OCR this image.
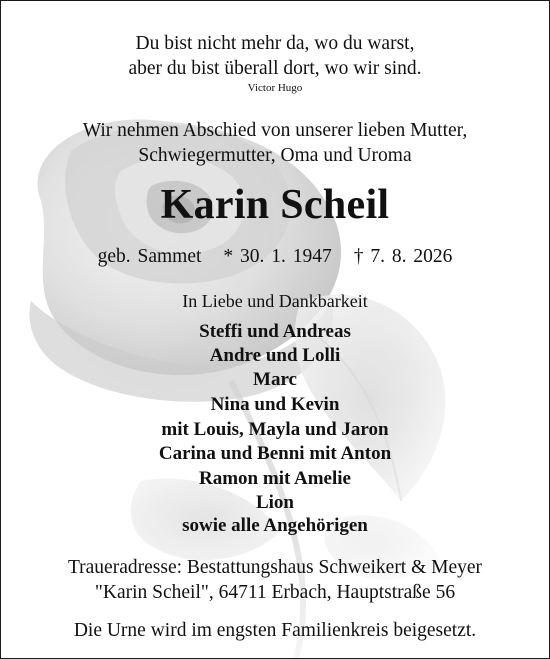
Du bist nicht mehr da, wo du warst,
aber du bist überall dort, wo wir sind.
Victor Hugo
Wir nehmen Abschied von unserer lieben Mutter,
Schwiegermutter, Oma und Uroma
Karin Scheil
geb. Sammet * 30. 1. 1947 † 7. 8. 2026
In Liebe und Dankbarkeit
Steffi und Andreas
Andre und Lolli
Marc
Nina und Kevin
mit Louis, Mayla und Jaron
Carina und Benni mit Anton
Ramon mit Amelie
Lion
sowie alle Angehörigen
Traueradresse: Bestattungshaus Schweikert & Meyer
"Karin Scheil", 64711 Erbach, Hauptstraße 56
Die Urne wird im engsten Familienkreis beigesetzt.
